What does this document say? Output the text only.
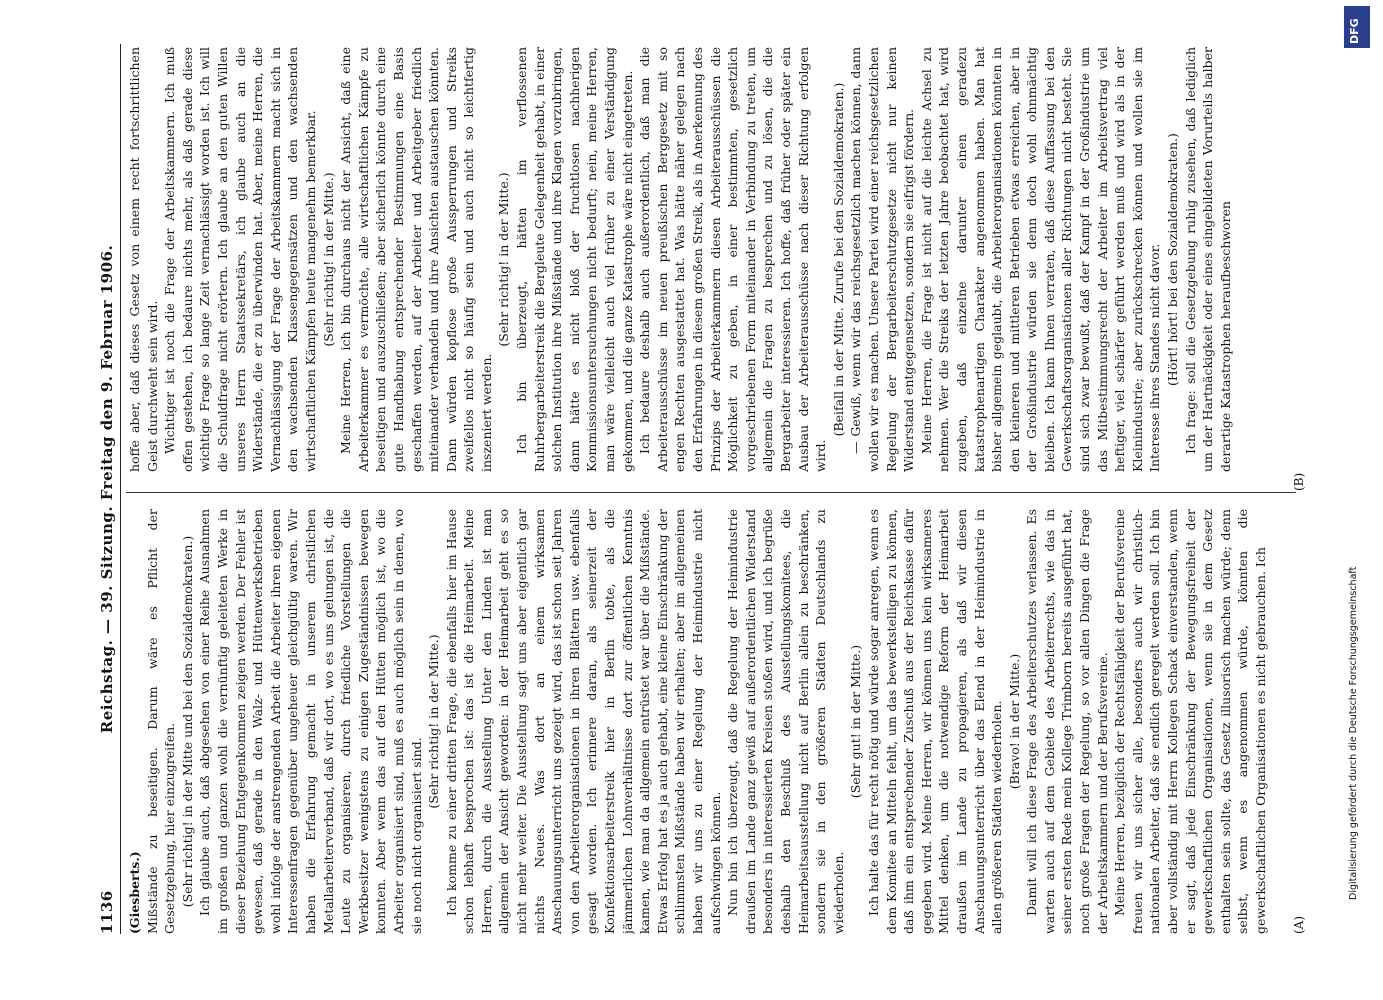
1136
Reichstag. — 39. Sitzung. Freitag den 9. Februar 1906.

(Giesberts.) Mißstände zu beseitigen. Darum wäre es Pflicht der Gesetzgebung, hier einzugreifen. (Sehr richtig! in der Mitte und bei den Sozialdemokraten.) Ich glaube auch, daß abgesehen von einer Reihe Ausnahmen im großen und ganzen wohl die vernünftig geleiteten Werke in dieser Beziehung Entgegenkommen zeigen werden. Der Fehler ist gewesen, daß gerade in den Walz- und Hüttenwerksbetrieben wohl infolge der anstrengenden Arbeit die Arbeiter ihren eigenen Interessenfragen gegenüber ungeheuer gleichgültig waren. Wir haben die Erfahrung gemacht in unserem christlichen Metallarbeiterverband, daß wir dort, wo es uns gelungen ist, die Leute zu organisieren, durch friedliche Vorstellungen die Werkbesitzer wenigstens zu einigen Zugeständnissen bewegen konnten. Aber wenn das auf den Hütten möglich ist, wo die Arbeiter organisiert sind, muß es auch möglich sein in denen, wo sie noch nicht organisiert sind.

(Sehr richtig! in der Mitte.) Ich komme zu einer dritten Frage, die ebenfalls hier im Hause schon lebhaft besprochen ist: das ist die Heimarbeit. Meine Herren, durch die Ausstellung Unter den Linden ist man allgemein der Ansicht geworden: in der Heimarbeit geht es so nicht mehr weiter. Die Ausstellung sagt uns aber eigentlich gar nichts Neues. Was dort an einem wirksamen Anschauungsunterricht uns gezeigt wird, das ist schon seit Jahren von den Arbeiterorganisationen in ihren Blättern usw. ebenfalls gesagt worden. Ich erinnere daran, als seinerzeit der Konfektionsarbeiterstreik hier in Berlin tobte, als die jämmerlichen Lohnverhältnisse dort zur öffentlichen Kenntnis kamen, wie man da allgemein entrüstet war über die Mißstände. Etwas Erfolg hat es ja auch gehabt, eine kleine Einschränkung der schlimmsten Mißstände haben wir erhalten; aber im allgemeinen haben wir uns zu einer Regelung der Heimindustrie nicht aufschwingen können. Nun bin ich überzeugt, daß die Regelung der Heimindustrie draußen im Lande ganz gewiß auf außerordentlichen Widerstand besonders in interessierten Kreisen stoßen wird, und ich begrüße deshalb den Beschluß des Ausstellungskomitees, die Heimarbeitsausstellung nicht auf Berlin allein zu beschränken, sondern sie in den größeren Städten Deutschlands zu wiederholen.

(Sehr gut! in der Mitte.) Ich halte das für recht nötig und würde sogar anregen, wenn es dem Komitee an Mitteln fehlt, um das bewerkstelligen zu können, daß ihm ein entsprechender Zuschuß aus der Reichskasse dafür gegeben wird. Meine Herren, wir können uns kein wirksameres Mittel denken, um die notwendige Reform der Heimarbeit draußen im Lande zu propagieren, als daß wir diesen Anschauungsunterricht über das Elend in der Heimindustrie in allen größeren Städten wiederholen. (Bravo! in der Mitte.) Damit will ich diese Frage des Arbeiterschutzes verlassen. Es warten auch auf dem Gebiete des Arbeiterrechts, wie das in seiner ersten Rede mein Kollege Trimborn bereits ausgeführt hat, noch große Fragen der Regelung, so vor allen Dingen die Frage der Arbeitskammern und der Berufsvereine. Meine Herren, bezüglich der Rechtsfähigkeit der Berufsvereine freuen wir uns sicher alle, besonders auch wir christlich-nationalen Arbeiter, daß sie endlich geregelt werden soll. Ich bin aber vollständig mit Herrn Kollegen Schack einverstanden, wenn er sagt, daß jede Einschränkung der Bewegungsfreiheit der gewerkschaftlichen Organisationen, wenn sie in dem Gesetz enthalten sein sollte, das Gesetz illusorisch machen würde; denn selbst, wenn es angenommen würde, könnten die gewerkschaftlichen Organisationen es nicht gebrauchen. Ich

hoffe aber, daß dieses Gesetz von einem recht fortschrittlichen Geist durchweht sein wird. Wichtiger ist noch die Frage der Arbeitskammern. Ich muß offen gestehen, ich bedaure nichts mehr, als daß gerade diese wichtige Frage so lange Zeit vernachlässigt worden ist. Ich will die Schuldfrage nicht erörtern. Ich glaube an den guten Willen unseres Herrn Staatssekretärs, ich glaube auch an die Widerstände, die er zu überwinden hat. Aber, meine Herren, die Vernachlässigung der Frage der Arbeitskammern macht sich in den wachsenden Klassengegensätzen und den wachsenden wirtschaftlichen Kämpfen heute mangenehm bemerkbar. (Sehr richtig! in der Mitte.) Meine Herren, ich bin durchaus nicht der Ansicht, daß eine Arbeiterkammer es vermöchte, alle wirtschaftlichen Kämpfe zu beseitigen und auszuschließen; aber sicherlich könnte durch eine gute Handhabung entsprechender Bestimmungen eine Basis geschaffen werden, auf der Arbeiter und Arbeitgeber friedlich miteinander verhandeln und ihre Ansichten austauschen könnten. Dann würden kopflose große Aussperrungen und Streiks zweifellos nicht so häufig sein und auch nicht so leichtfertig inszeniert werden.

(Sehr richtig! in der Mitte.) Ich bin überzeugt, hätten im verflossenen Ruhrbergarbeiterstreik die Bergleute Gelegenheit gehabt, in einer solchen Institution ihre Mißstände und ihre Klagen vorzubringen, dann hätte es nicht bloß der fruchtlosen nachherigen Kommissionsuntersuchungen nicht bedurft; nein, meine Herren, man wäre vielleicht auch viel früher zu einer Verständigung gekommen, und die ganze Katastrophe wäre nicht eingetreten. Ich bedaure deshalb auch außerordentlich, daß man die Arbeiterausschüsse im neuen preußischen Berggesetz mit so engen Rechten ausgestattet hat. Was hätte näher gelegen nach den Erfahrungen in diesem großen Streik, als in Anerkennung des Prinzips der Arbeiterkammern diesen Arbeiterausschüssen die Möglichkeit zu geben, in einer bestimmten, gesetzlich vorgeschriebenen Form miteinander in Verbindung zu treten, um allgemein die Fragen zu besprechen und zu lösen, die die Bergarbeiter interessieren. Ich hoffe, daß früher oder später ein Ausbau der Arbeiterausschüsse nach dieser Richtung erfolgen wird.

(Beifall in der Mitte. Zurufe bei den Sozialdemokraten.) — Gewiß, wenn wir das reichsgesetzlich machen können, dann wollen wir es machen. Unsere Partei wird einer reichsgesetzlichen Regelung der Bergarbeiterschutzgesetze nicht nur keinen Widerstand entgegensetzen, sondern sie eifrigst fördern. Meine Herren, die Frage ist nicht auf die leichte Achsel zu nehmen. Wer die Streiks der letzten Jahre beobachtet hat, wird zugeben, daß einzelne darunter einen geradezu katastrophenartigen Charakter angenommen haben. Man hat bisher allgemein geglaubt, die Arbeiterorganisationen könnten in den kleineren und mittleren Betrieben etwas erreichen, aber in der Großindustrie würden sie denn doch wohl ohnmächtig bleiben. Ich kann Ihnen verraten, daß diese Auffassung bei den Gewerkschaftsorganisationen aller Richtungen nicht besteht. Sie sind sich zwar bewußt, daß der Kampf in der Großindustrie um das Mitbestimmungsrecht der Arbeiter im Arbeitsvertrag viel heftiger, viel schärfer geführt werden muß und wird als in der Kleinindustrie; aber zurückschrecken können und wollen sie im Interesse ihres Standes nicht davor. (Hört! hört! bei den Sozialdemokraten.) Ich frage: soll die Gesetzgebung ruhig zusehen, daß lediglich um der Hartnäckigkeit oder eines eingebildeten Vorurteils halber derartige Katastrophen heraufbeschworen

(A)
(B)
Digitalisierung gefördert durch die Deutsche Forschungsgemeinschaft
DFG
